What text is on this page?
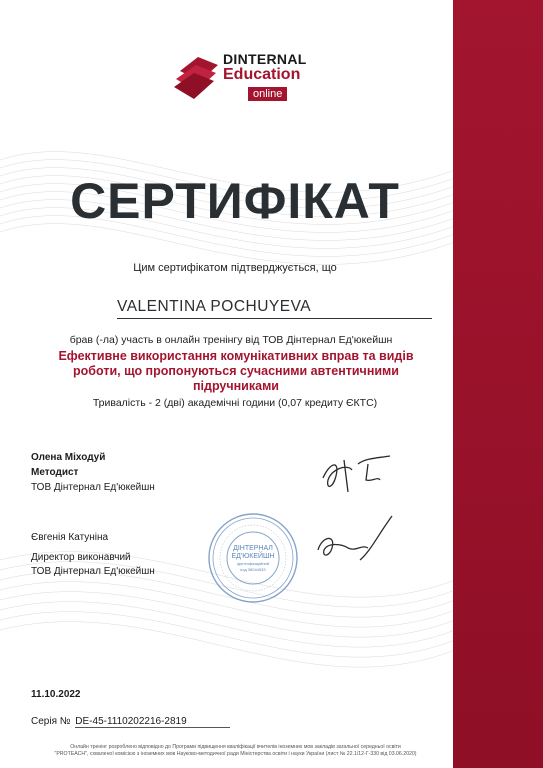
DINTERNAL
Education
online
СЕРТИФІКАТ
Цим сертифікатом підтверджується, що
VALENTINA POCHUYEVA
брав (-ла) участь в онлайн тренінгу від ТОВ Дінтернал Ед'юкейшн
Ефективне використання комунікативних вправ та видів роботи, що пропонуються сучасними автентичними підручниками
Тривалість - 2 (дві) академічні години (0,07 кредиту ЄКТС)
Олена Міходуй
Методист
ТОВ Дінтернал Ед'юкейшн
Євгенія Катуніна
Директор виконавчий
ТОВ Дінтернал Ед'юкейшн
ДІНТЕРНАЛ
ЕД'ЮКЕЙШН
ідентифікаційний
код 38044533
11.10.2022
Серія № DE-45-1110202216-2819
Онлайн тренінг розроблено відповідно до Програми підвищення кваліфікації вчителів іноземних мов закладів загальної середньої освіти
"PROTEACH", схваленої комісією з іноземних мов Науково-методичної ради Міністерства освіти і науки України (лист № 22.1/12-Г-330 від 03.06.2020)
